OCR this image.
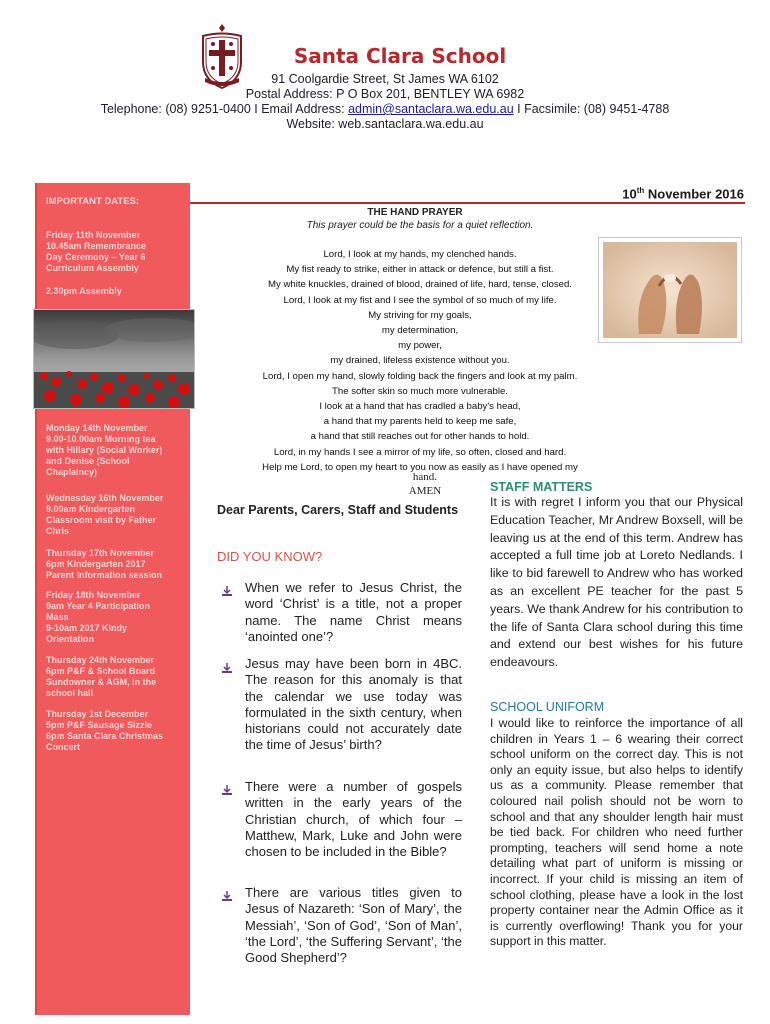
Santa Clara School
91 Coolgardie Street, St James WA 6102
Postal Address: P O Box 201, BENTLEY WA 6982
Telephone: (08) 9251-0400 I Email Address: admin@santaclara.wa.edu.au I Facsimile: (08) 9451-4788
Website: web.santaclara.wa.edu.au
10th November 2016
IMPORTANT DATES:
Friday 11th November
10.45am Remembrance
Day Ceremony – Year 6
Curriculum Assembly
2.30pm Assembly
Monday 14th November
9.00-10.00am Morning tea
with Hillary (Social Worker)
and Denise (School
Chaplaincy)
Wednesday 16th November
9.00am Kindergarten
Classroom visit by Father
Chris
Thursday 17th November
6pm Kindergarten 2017
Parent Information session
Friday 18th November
9am Year 4 Participation
Mass
9-10am 2017 Kindy
Orientation
Thursday 24th November
6pm P&F & School Board
Sundowner & AGM, in the
school hall
Thursday 1st December
5pm P&F Sausage Sizzle
6pm Santa Clara Christmas
Concert
THE HAND PRAYER
This prayer could be the basis for a quiet reflection.
Lord, I look at my hands, my clenched hands.
My fist ready to strike, either in attack or defence, but still a fist.
My white knuckles, drained of blood, drained of life, hard, tense, closed.
Lord, I look at my fist and I see the symbol of so much of my life.
My striving for my goals,
my determination,
my power,
my drained, lifeless existence without you.
Lord, I open my hand, slowly folding back the fingers and look at my palm.
The softer skin so much more vulnerable.
I look at a hand that has cradled a baby's head,
a hand that my parents held to keep me safe,
a hand that still reaches out for other hands to hold.
Lord, in my hands I see a mirror of my life, so often, closed and hard.
Help me Lord, to open my heart to you now as easily as I have opened my
hand.
AMEN
Dear Parents, Carers, Staff and Students
DID YOU KNOW?
When we refer to Jesus Christ, the word ‘Christ’ is a title, not a proper name. The name Christ means ‘anointed one’?
Jesus may have been born in 4BC. The reason for this anomaly is that the calendar we use today was formulated in the sixth century, when historians could not accurately date the time of Jesus’ birth?
There were a number of gospels written in the early years of the Christian church, of which four – Matthew, Mark, Luke and John were chosen to be included in the Bible?
There are various titles given to Jesus of Nazareth: ‘Son of Mary’, the Messiah’, ‘Son of God’, ‘Son of Man’, ‘the Lord’, ‘the Suffering Servant’, ‘the Good Shepherd’?
STAFF MATTERS
It is with regret I inform you that our Physical Education Teacher, Mr Andrew Boxsell, will be leaving us at the end of this term. Andrew has accepted a full time job at Loreto Nedlands. I like to bid farewell to Andrew who has worked as an excellent PE teacher for the past 5 years. We thank Andrew for his contribution to the life of Santa Clara school during this time and extend our best wishes for his future endeavours.
SCHOOL UNIFORM
I would like to reinforce the importance of all children in Years 1 – 6 wearing their correct school uniform on the correct day. This is not only an equity issue, but also helps to identify us as a community. Please remember that coloured nail polish should not be worn to school and that any shoulder length hair must be tied back. For children who need further prompting, teachers will send home a note detailing what part of uniform is missing or incorrect. If your child is missing an item of school clothing, please have a look in the lost property container near the Admin Office as it is currently overflowing! Thank you for your support in this matter.
